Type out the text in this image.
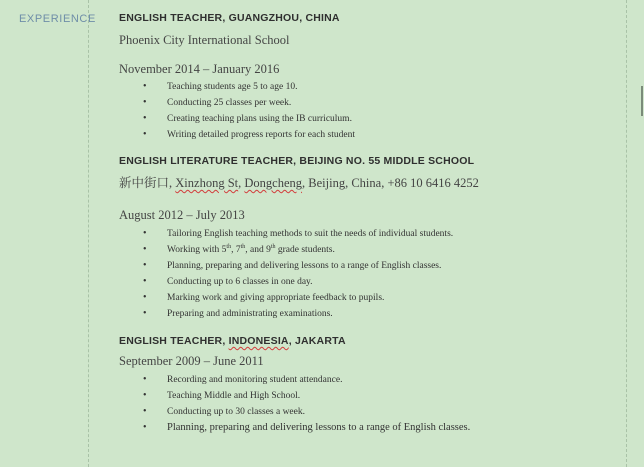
EXPERIENCE ENGLISH TEACHER, GUANGZHOU, CHINA
Phoenix City International School
November 2014 – January 2016
• Teaching students age 5 to age 10.
• Conducting 25 classes per week.
• Creating teaching plans using the IB curriculum.
• Writing detailed progress reports for each student
ENGLISH LITERATURE TEACHER, BEIJING NO. 55 MIDDLE SCHOOL
新中街口, Xinzhong St, Dongcheng, Beijing, China, +86 10 6416 4252
August 2012 – July 2013
• Tailoring English teaching methods to suit the needs of individual students.
• Working with 5th, 7th, and 9th grade students.
• Planning, preparing and delivering lessons to a range of English classes.
• Conducting up to 6 classes in one day.
• Marking work and giving appropriate feedback to pupils.
• Preparing and administrating examinations.
ENGLISH TEACHER, INDONESIA, JAKARTA
September 2009 – June 2011
• Recording and monitoring student attendance.
• Teaching Middle and High School.
• Conducting up to 30 classes a week.
• Planning, preparing and delivering lessons to a range of English classes.
